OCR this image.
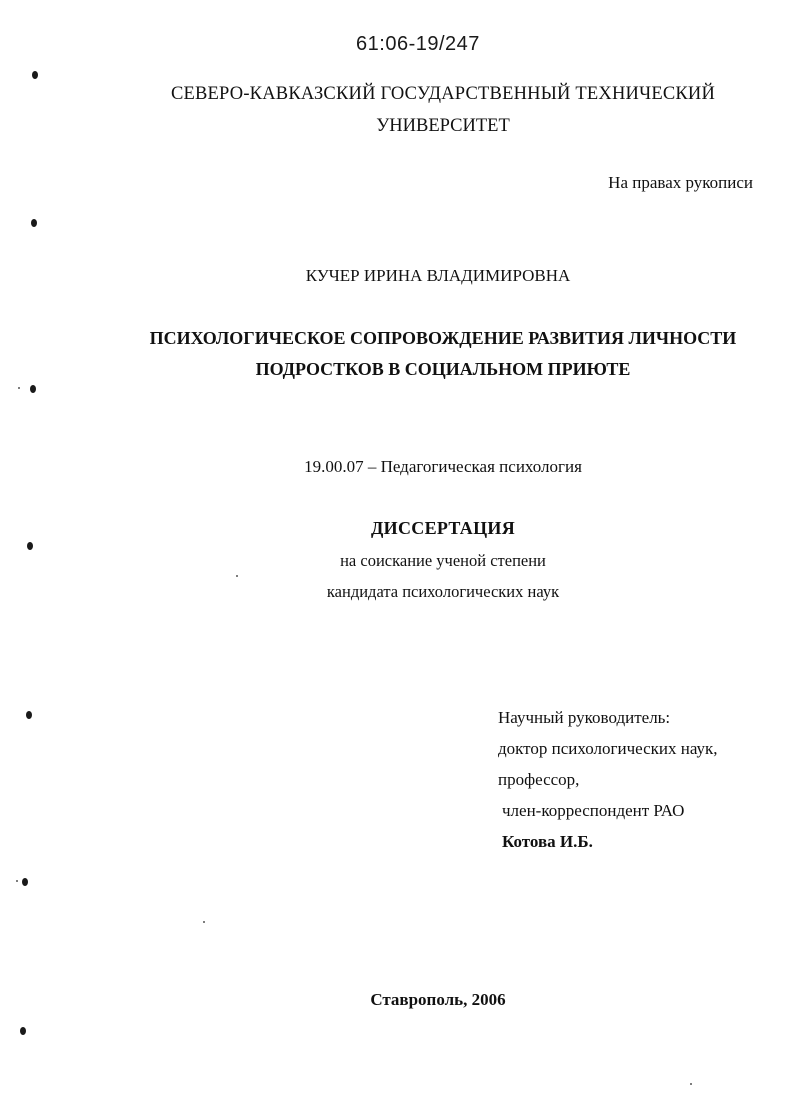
61:06-19/247
СЕВЕРО-КАВКАЗСКИЙ ГОСУДАРСТВЕННЫЙ ТЕХНИЧЕСКИЙ
УНИВЕРСИТЕТ
На правах рукописи
КУЧЕР ИРИНА ВЛАДИМИРОВНА
ПСИХОЛОГИЧЕСКОЕ СОПРОВОЖДЕНИЕ РАЗВИТИЯ ЛИЧНОСТИ
ПОДРОСТКОВ В СОЦИАЛЬНОМ ПРИЮТЕ
19.00.07 – Педагогическая психология
ДИССЕРТАЦИЯ
на соискание ученой степени
кандидата психологических наук
Научный руководитель:
доктор психологических наук,
профессор,
член-корреспондент РАО
Котова И.Б.
Ставрополь, 2006
